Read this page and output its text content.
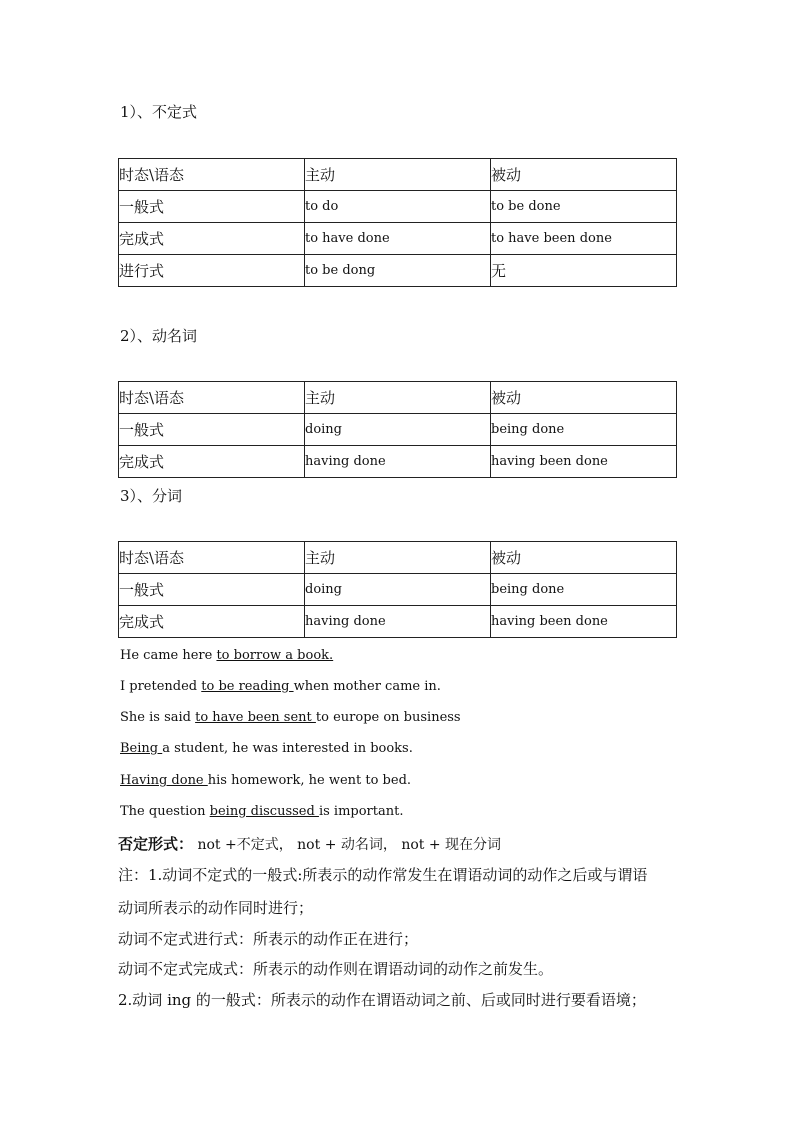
1）、不定式
时态\语态	主动	被动
一般式	to do	to be done
完成式	to have done	to have been done
进行式	to be dong	无
2）、动名词
时态\语态	主动	被动
一般式	doing	being done
完成式	having done	having been done
3）、分词
时态\语态	主动	被动
一般式	doing	being done
完成式	having done	having been done
He came here to borrow a book.
I pretended to be reading when mother came in.
She is said to have been sent to europe on business
Being a student, he was interested in books.
Having done his homework, he went to bed.
The question being discussed is important.
否定形式： not +不定式， not + 动名词， not + 现在分词
注：1.动词不定式的一般式:所表示的动作常发生在谓语动词的动作之后或与谓语
动词所表示的动作同时进行；
动词不定式进行式：所表示的动作正在进行；
动词不定式完成式：所表示的动作则在谓语动词的动作之前发生。
2.动词 ing 的一般式：所表示的动作在谓语动词之前、后或同时进行要看语境；
